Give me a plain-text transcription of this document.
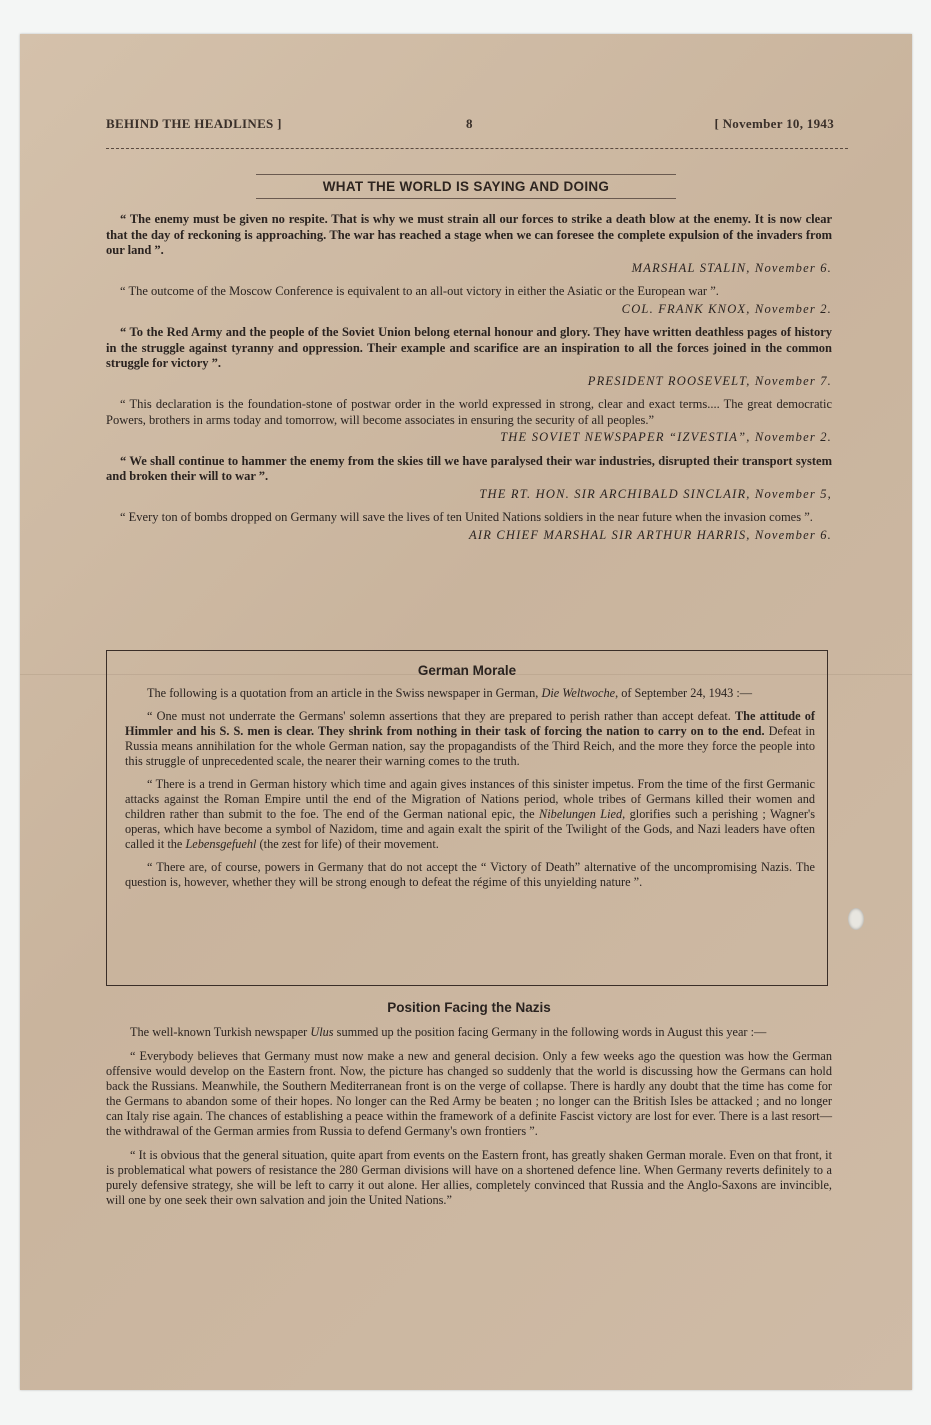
BEHIND THE HEADLINES ]	8	[ November 10, 1943
WHAT THE WORLD IS SAYING AND DOING

“ The enemy must be given no respite. That is why we must strain all our forces to strike a death blow at the enemy. It is now clear that the day of reckoning is approaching. The war has reached a stage when we can foresee the complete expulsion of the invaders from our land ”.

MARSHAL STALIN, November 6.

“ The outcome of the Moscow Conference is equivalent to an all-out victory in either the Asiatic or the European war ”.

COL. FRANK KNOX, November 2.

“ To the Red Army and the people of the Soviet Union belong eternal honour and glory. They have written deathless pages of history in the struggle against tyranny and oppression. Their example and scarifice are an inspiration to all the forces joined in the common struggle for victory ”.

PRESIDENT ROOSEVELT, November 7.

“ This declaration is the foundation-stone of postwar order in the world expressed in strong, clear and exact terms.... The great democratic Powers, brothers in arms today and tomorrow, will become associates in ensuring the security of all peoples.”

THE SOVIET NEWSPAPER “IZVESTIA”, November 2.

“ We shall continue to hammer the enemy from the skies till we have paralysed their war industries, disrupted their transport system and broken their will to war ”.

THE RT. HON. SIR ARCHIBALD SINCLAIR, November 5,

“ Every ton of bombs dropped on Germany will save the lives of ten United Nations soldiers in the near future when the invasion comes ”.

AIR CHIEF MARSHAL SIR ARTHUR HARRIS, November 6.

German Morale

The following is a quotation from an article in the Swiss newspaper in German, Die Weltwoche, of September 24, 1943 :—

“ One must not underrate the Germans' solemn assertions that they are prepared to perish rather than accept defeat. The attitude of Himmler and his S. S. men is clear. They shrink from nothing in their task of forcing the nation to carry on to the end. Defeat in Russia means annihilation for the whole German nation, say the propagandists of the Third Reich, and the more they force the people into this struggle of unprecedented scale, the nearer their warning comes to the truth.

“ There is a trend in German history which time and again gives instances of this sinister impetus. From the time of the first Germanic attacks against the Roman Empire until the end of the Migration of Nations period, whole tribes of Germans killed their women and children rather than submit to the foe. The end of the German national epic, the Nibelungen Lied, glorifies such a perishing ; Wagner's operas, which have become a symbol of Nazidom, time and again exalt the spirit of the Twilight of the Gods, and Nazi leaders have often called it the Lebensgefuehl (the zest for life) of their movement.

“ There are, of course, powers in Germany that do not accept the “ Victory of Death” alternative of the uncompromising Nazis. The question is, however, whether they will be strong enough to defeat the régime of this unyielding nature ”.

Position Facing the Nazis

The well-known Turkish newspaper Ulus summed up the position facing Germany in the following words in August this year :—

“ Everybody believes that Germany must now make a new and general decision. Only a few weeks ago the question was how the German offensive would develop on the Eastern front. Now, the picture has changed so suddenly that the world is discussing how the Germans can hold back the Russians. Meanwhile, the Southern Mediterranean front is on the verge of collapse. There is hardly any doubt that the time has come for the Germans to abandon some of their hopes. No longer can the Red Army be beaten ; no longer can the British Isles be attacked ; and no longer can Italy rise again. The chances of establishing a peace within the framework of a definite Fascist victory are lost for ever. There is a last resort—the withdrawal of the German armies from Russia to defend Germany's own frontiers ”.

“ It is obvious that the general situation, quite apart from events on the Eastern front, has greatly shaken German morale. Even on that front, it is problematical what powers of resistance the 280 German divisions will have on a shortened defence line. When Germany reverts definitely to a purely defensive strategy, she will be left to carry it out alone. Her allies, completely convinced that Russia and the Anglo-Saxons are invincible, will one by one seek their own salvation and join the United Nations.”
